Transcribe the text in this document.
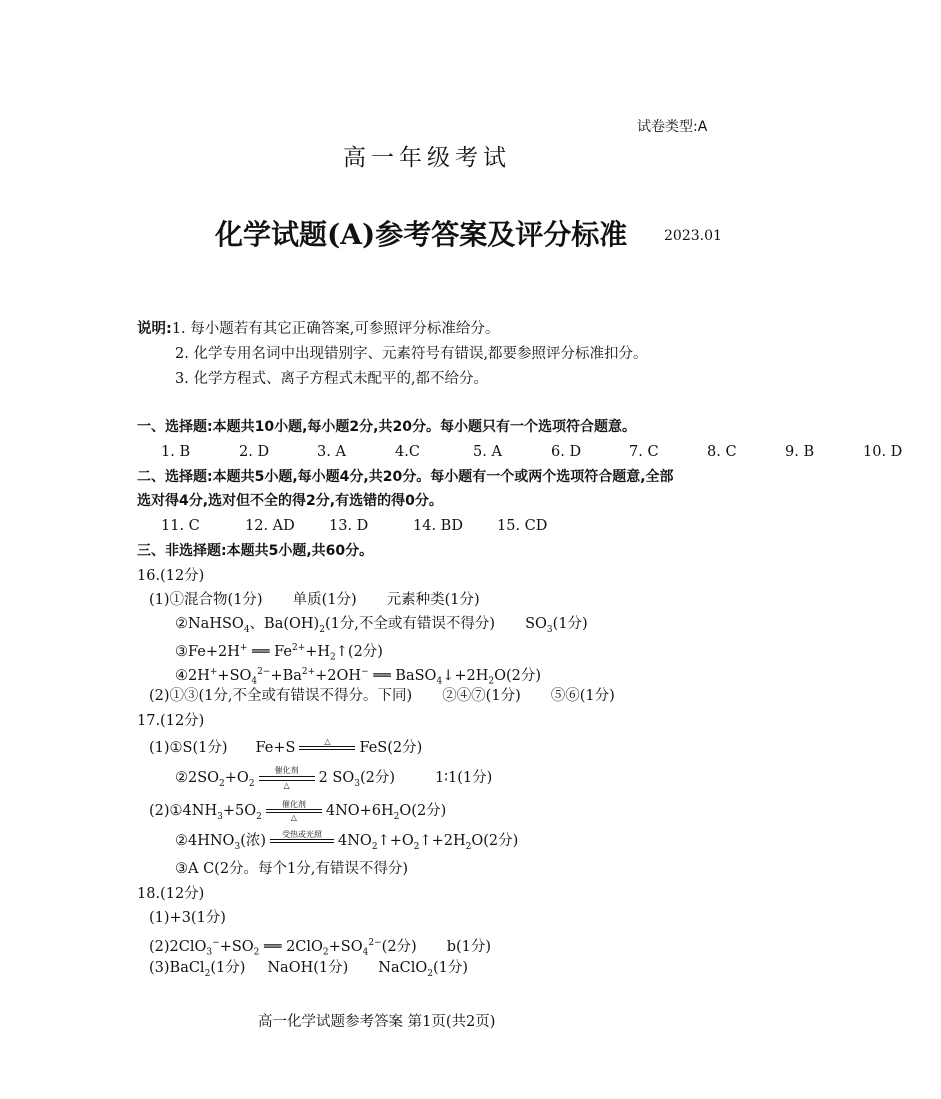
试卷类型:A
高一年级考试
化学试题(A)参考答案及评分标准	2023.01
说明:1. 每小题若有其它正确答案,可参照评分标准给分。
2. 化学专用名词中出现错别字、元素符号有错误,都要参照评分标准扣分。
3. 化学方程式、离子方程式未配平的,都不给分。
一、选择题:本题共10小题,每小题2分,共20分。每小题只有一个选项符合题意。
1. B	2. D	3. A	4.C	5. A	6. D	7. C	8. C	9. B	10. D
二、选择题:本题共5小题,每小题4分,共20分。每小题有一个或两个选项符合题意,全部
选对得4分,选对但不全的得2分,有选错的得0分。
11. C	12. AD 13. D	14. BD 15. CD
三、非选择题:本题共5小题,共60分。
16.(12分)
(1)①混合物(1分) 单质(1分) 元素种类(1分)
②NaHSO$_4$、$Ba(OH)_2(1$分,不全或有错误不得分) $SO_3(1$分)
③Fe+2H+ ══ $Fe^{2+}+H_2↑(2$分)
$④2H^++SO_4^{2-}+Ba^{2+}+2OH^-$ ══ $BaSO_4↓+2H_2O(2$分)
(2)①③(1分,不全或有错误不得分。下同) ②④⑦(1分) ⑤⑥(1分)
17.(12分)
(1)①S(1分) Fe+S	△
	FeS(2分)
$②2SO_2+O_2$
催化剂
△	2 $SO_3(2$分)	1∶1(1分)
$(2)①4NH_3+5O_2$
催化剂
△	$4NO+6H_2O(2$分)
$②4HNO_3$(浓)	受热或光照
	$4NO_2↑+O_2↑+2H_2O(2$分)
③A C(2分。每个1分,有错误不得分)
18.(12分)
(1)+3(1分)
$(2)2ClO_3^-+SO_2$ ══ $2ClO_2+SO_4^{2-}(2$分) b(1分)
(3)BaCl$_2$(1分) NaOH(1分) NaClO$_2$(1分)
高一化学试题参考答案 第1页(共2页)
